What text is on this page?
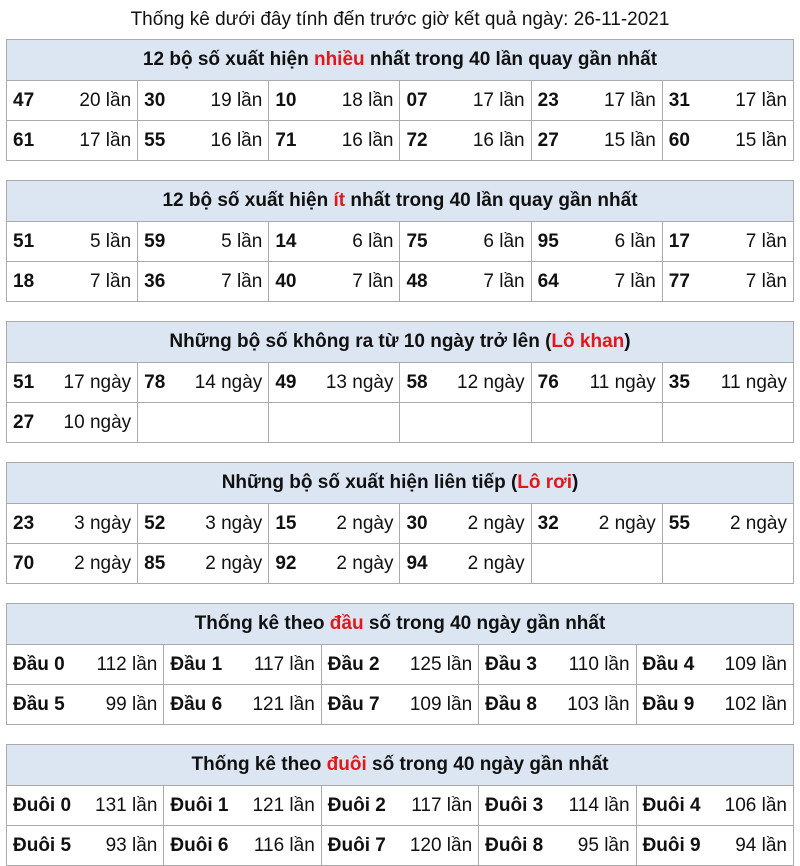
Thống kê dưới đây tính đến trước giờ kết quả ngày: 26-11-2021
12 bộ số xuất hiện nhiều nhất trong 40 lần quay gần nhất					

47 20 lần	30 19 lần	10 18 lần	07 17 lần	23 17 lần	31 17 lần

61 17 lần	55 16 lần	71 16 lần	72 16 lần	27 15 lần	60 15 lần
12 bộ số xuất hiện ít nhất trong 40 lần quay gần nhất					

51 5 lần	59 5 lần	14 6 lần	75 6 lần	95 6 lần	17 7 lần

18 7 lần	36 7 lần	40 7 lần	48 7 lần	64 7 lần	77 7 lần
Những bộ số không ra từ 10 ngày trở lên (Lô khan)					

51 17 ngày	78 14 ngày	49 13 ngày	58 12 ngày	76 11 ngày	35 11 ngày

27 10 ngày					

Những bộ số xuất hiện liên tiếp (Lô rơi)					

23 3 ngày	52 3 ngày	15 2 ngày	30 2 ngày	32 2 ngày	55 2 ngày

70 2 ngày	85 2 ngày	92 2 ngày	94 2 ngày		

Thống kê theo đầu số trong 40 ngày gần nhất				

Đầu 0 112 lần	Đầu 1 117 lần	Đầu 2 125 lần	Đầu 3 110 lần	Đầu 4 109 lần

Đầu 5 99 lần	Đầu 6 121 lần	Đầu 7 109 lần	Đầu 8 103 lần	Đầu 9 102 lần
Thống kê theo đuôi số trong 40 ngày gần nhất				

Đuôi 0 131 lần	Đuôi 1 121 lần	Đuôi 2 117 lần	Đuôi 3 114 lần	Đuôi 4 106 lần

Đuôi 5 93 lần	Đuôi 6 116 lần	Đuôi 7 120 lần	Đuôi 8 95 lần	Đuôi 9 94 lần
